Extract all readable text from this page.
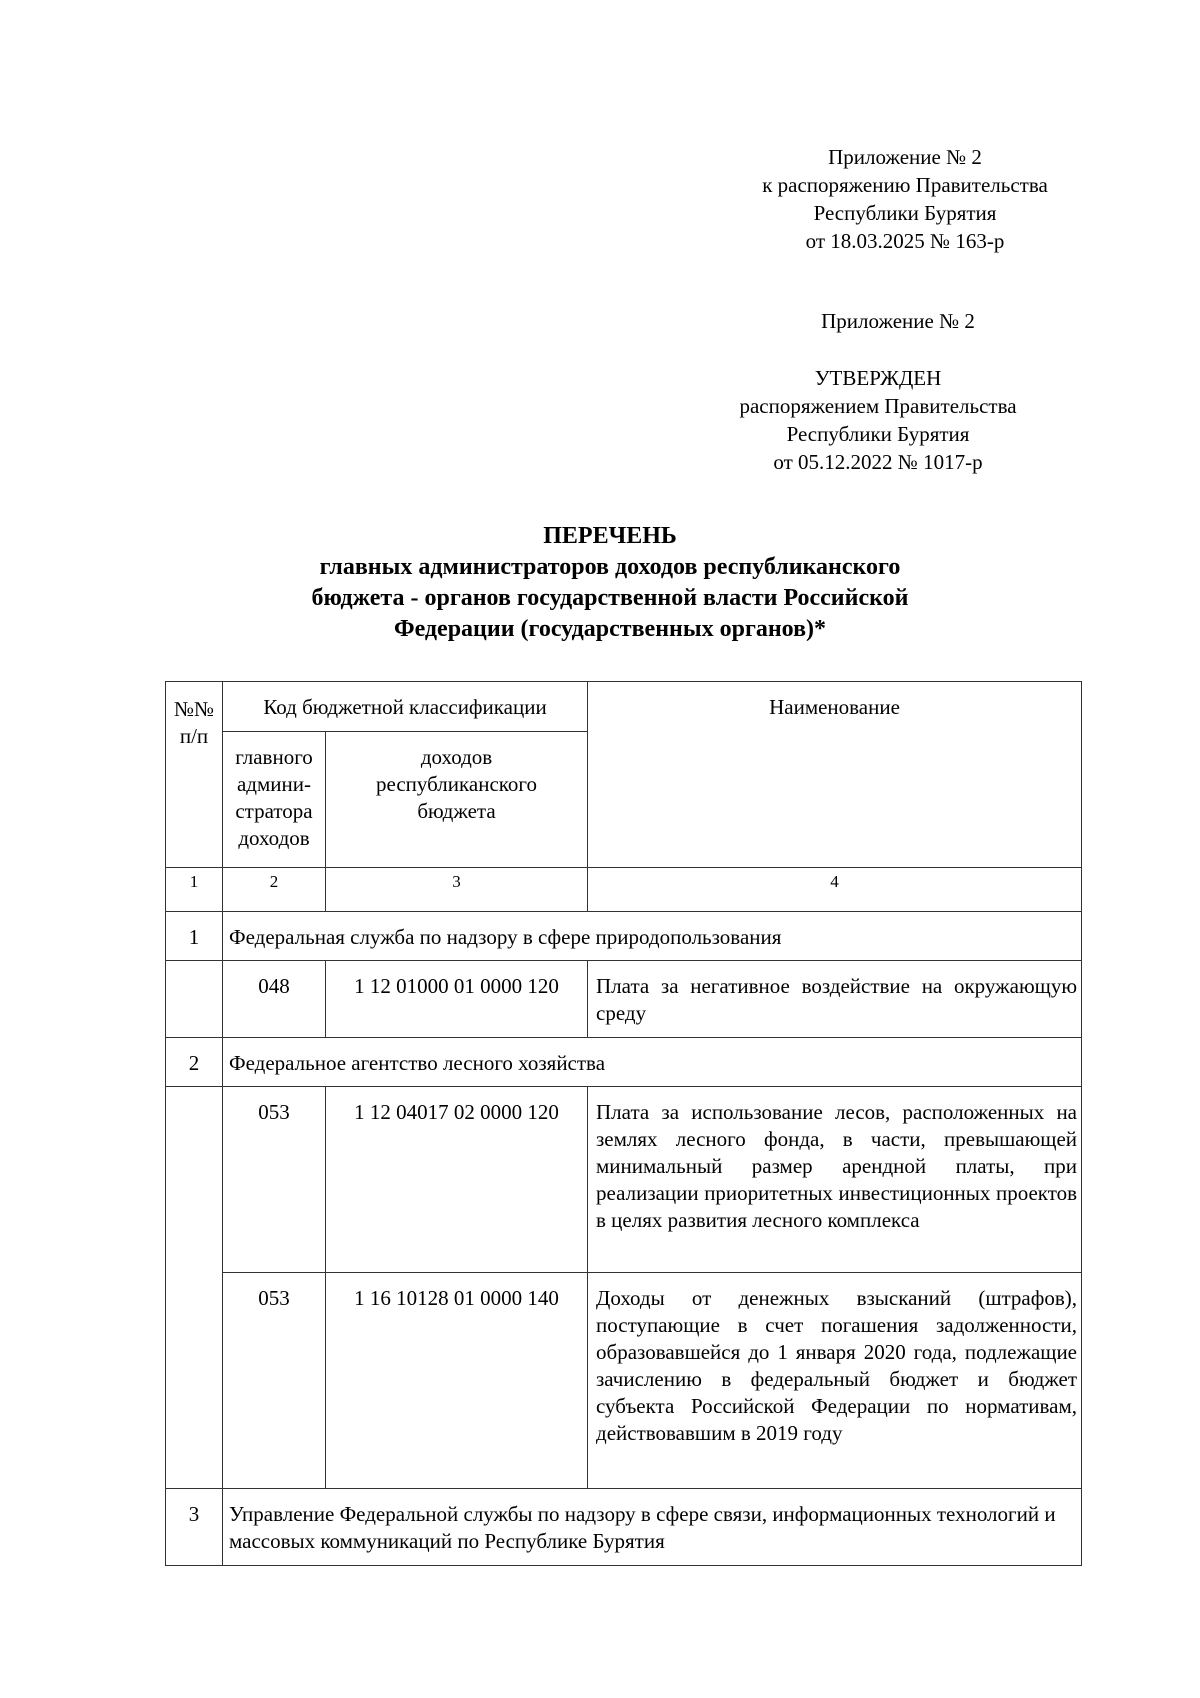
Приложение № 2
к распоряжению Правительства
Республики Бурятия
от 18.03.2025 № 163-р
Приложение № 2
УТВЕРЖДЕН
распоряжением Правительства
Республики Бурятия
от 05.12.2022 № 1017-р
ПЕРЕЧЕНЬ
главных администраторов доходов республиканского
бюджета - органов государственной власти Российской
Федерации (государственных органов)*
№№ п/п	Код бюджетной классификации		Наименование
	главного админи- стратора доходов	доходов республиканского бюджета	
1	2	3	4
1	Федеральная служба по надзору в сфере природопользования		
	048	1 12 01000 01 0000 120	Плата за негативное воздействие на окружающую среду
2	Федеральное агентство лесного хозяйства		
	053	1 12 04017 02 0000 120	Плата за использование лесов, расположенных на землях лесного фонда, в части, превышающей минимальный размер арендной платы, при реализации приоритетных инвестиционных проектов в целях развития лесного комплекса
	053	1 16 10128 01 0000 140	Доходы от денежных взысканий (штрафов), поступающие в счет погашения задолженности, образовавшейся до 1 января 2020 года, подлежащие зачислению в федеральный бюджет и бюджет субъекта Российской Федерации по нормативам, действовавшим в 2019 году
3	Управление Федеральной службы по надзору в сфере связи, информационных технологий и массовых коммуникаций по Республике Бурятия		
